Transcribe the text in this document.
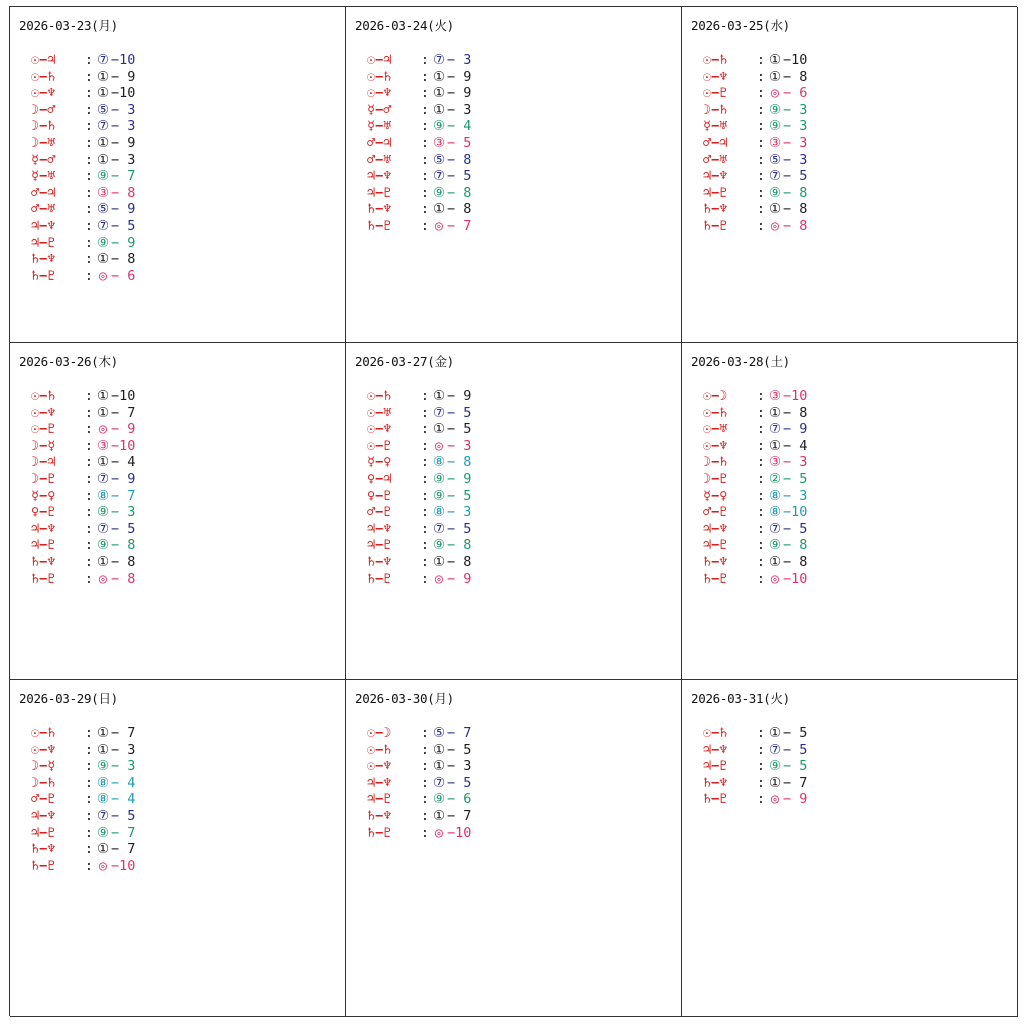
2026-03-23(月)
☉−♃	: ⑦ −10
☉−♄	: ① − 9
☉−♆	: ① −10
☽−♂	: ⑤ − 3
☽−♄	: ⑦ − 3
☽−♅	: ① − 9
☿−♂	: ① − 3
☿−♅	: ⑨ − 7
♂−♃	: ③ − 8
♂−♅	: ⑤ − 9
♃−♆	: ⑦ − 5
♃−♇	: ⑨ − 9
♄−♆	: ① − 8
♄−♇	: ◎ − 6
2026-03-24(火)
☉−♃	: ⑦ − 3
☉−♄	: ① − 9
☉−♆	: ① − 9
☿−♂	: ① − 3
☿−♅	: ⑨ − 4
♂−♃	: ③ − 5
♂−♅	: ⑤ − 8
♃−♆	: ⑦ − 5
♃−♇	: ⑨ − 8
♄−♆	: ① − 8
♄−♇	: ◎ − 7
2026-03-25(水)
☉−♄	: ① −10
☉−♆	: ① − 8
☉−♇	: ◎ − 6
☽−♄	: ⑨ − 3
☿−♅	: ⑨ − 3
♂−♃	: ③ − 3
♂−♅	: ⑤ − 3
♃−♆	: ⑦ − 5
♃−♇	: ⑨ − 8
♄−♆	: ① − 8
♄−♇	: ◎ − 8
2026-03-26(木)
☉−♄	: ① −10
☉−♆	: ① − 7
☉−♇	: ◎ − 9
☽−☿	: ③ −10
☽−♃	: ① − 4
☽−♇	: ⑦ − 9
☿−♀	: ⑧ − 7
♀−♇	: ⑨ − 3
♃−♆	: ⑦ − 5
♃−♇	: ⑨ − 8
♄−♆	: ① − 8
♄−♇	: ◎ − 8
2026-03-27(金)
☉−♄	: ① − 9
☉−♅	: ⑦ − 5
☉−♆	: ① − 5
☉−♇	: ◎ − 3
☿−♀	: ⑧ − 8
♀−♃	: ⑨ − 9
♀−♇	: ⑨ − 5
♂−♇	: ⑧ − 3
♃−♆	: ⑦ − 5
♃−♇	: ⑨ − 8
♄−♆	: ① − 8
♄−♇	: ◎ − 9
2026-03-28(土)
☉−☽	: ③ −10
☉−♄	: ① − 8
☉−♅	: ⑦ − 9
☉−♆	: ① − 4
☽−♄	: ③ − 3
☽−♇	: ② − 5
☿−♀	: ⑧ − 3
♂−♇	: ⑧ −10
♃−♆	: ⑦ − 5
♃−♇	: ⑨ − 8
♄−♆	: ① − 8
♄−♇	: ◎ −10
2026-03-29(日)
☉−♄	: ① − 7
☉−♆	: ① − 3
☽−☿	: ⑨ − 3
☽−♄	: ⑧ − 4
♂−♇	: ⑧ − 4
♃−♆	: ⑦ − 5
♃−♇	: ⑨ − 7
♄−♆	: ① − 7
♄−♇	: ◎ −10
2026-03-30(月)
☉−☽	: ⑤ − 7
☉−♄	: ① − 5
☉−♆	: ① − 3
♃−♆	: ⑦ − 5
♃−♇	: ⑨ − 6
♄−♆	: ① − 7
♄−♇	: ◎ −10
2026-03-31(火)
☉−♄	: ① − 5
♃−♆	: ⑦ − 5
♃−♇	: ⑨ − 5
♄−♆	: ① − 7
♄−♇	: ◎ − 9
